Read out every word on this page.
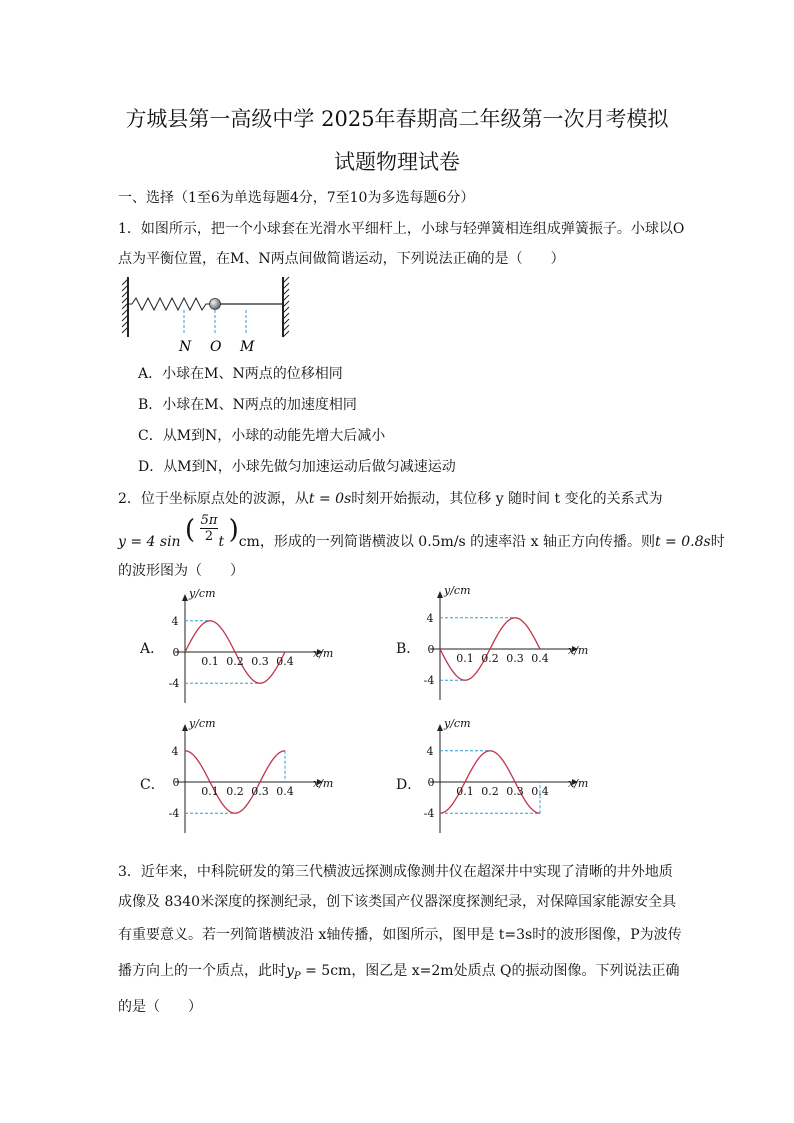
方城县第一高级中学 2025年春期高二年级第一次月考模拟
试题物理试卷
一、选择（1至6为单选每题4分，7至10为多选每题6分）
1．如图所示，把一个小球套在光滑水平细杆上，小球与轻弹簧相连组成弹簧振子。小球以O
点为平衡位置，在M、N两点间做简谐运动，下列说法正确的是（　　）
N O M
A．小球在M、N两点的位移相同
B．小球在M、N两点的加速度相同
C．从M到N，小球的动能先增大后减小
D．从M到N，小球先做匀加速运动后做匀减速运动
2．位于坐标原点处的波源，从t = 0s时刻开始振动，其位移 y 随时间 t 变化的关系式为
y = 4 sin ( $\frac{5\pi}{2}$ t )cm，形成的一列简谐横波以 0.5m/s 的速率沿 x 轴正方向传播。则t = 0.8s时
的波形图为（　　）
A．	B．
C．	D．
y/cm
x/m
4
0
-4
0.1 0.2 0.3 0.4
y/cm
x/m
4
0
-4
0.1 0.2 0.3 0.4
y/cm
x/m
4
0
-4
0.1 0.2 0.3 0.4
y/cm
x/m
4
0
-4
0.1 0.2 0.3 0.4
3．近年来，中科院研发的第三代横波远探测成像测井仪在超深井中实现了清晰的井外地质
成像及 8340米深度的探测纪录，创下该类国产仪器深度探测纪录，对保障国家能源安全具
有重要意义。若一列简谐横波沿 x轴传播，如图所示，图甲是 t=3s时的波形图像，P为波传
播方向上的一个质点，此时$y_P = 5cm$，图乙是 x=2m处质点 Q的振动图像。下列说法正确
的是（　　）
